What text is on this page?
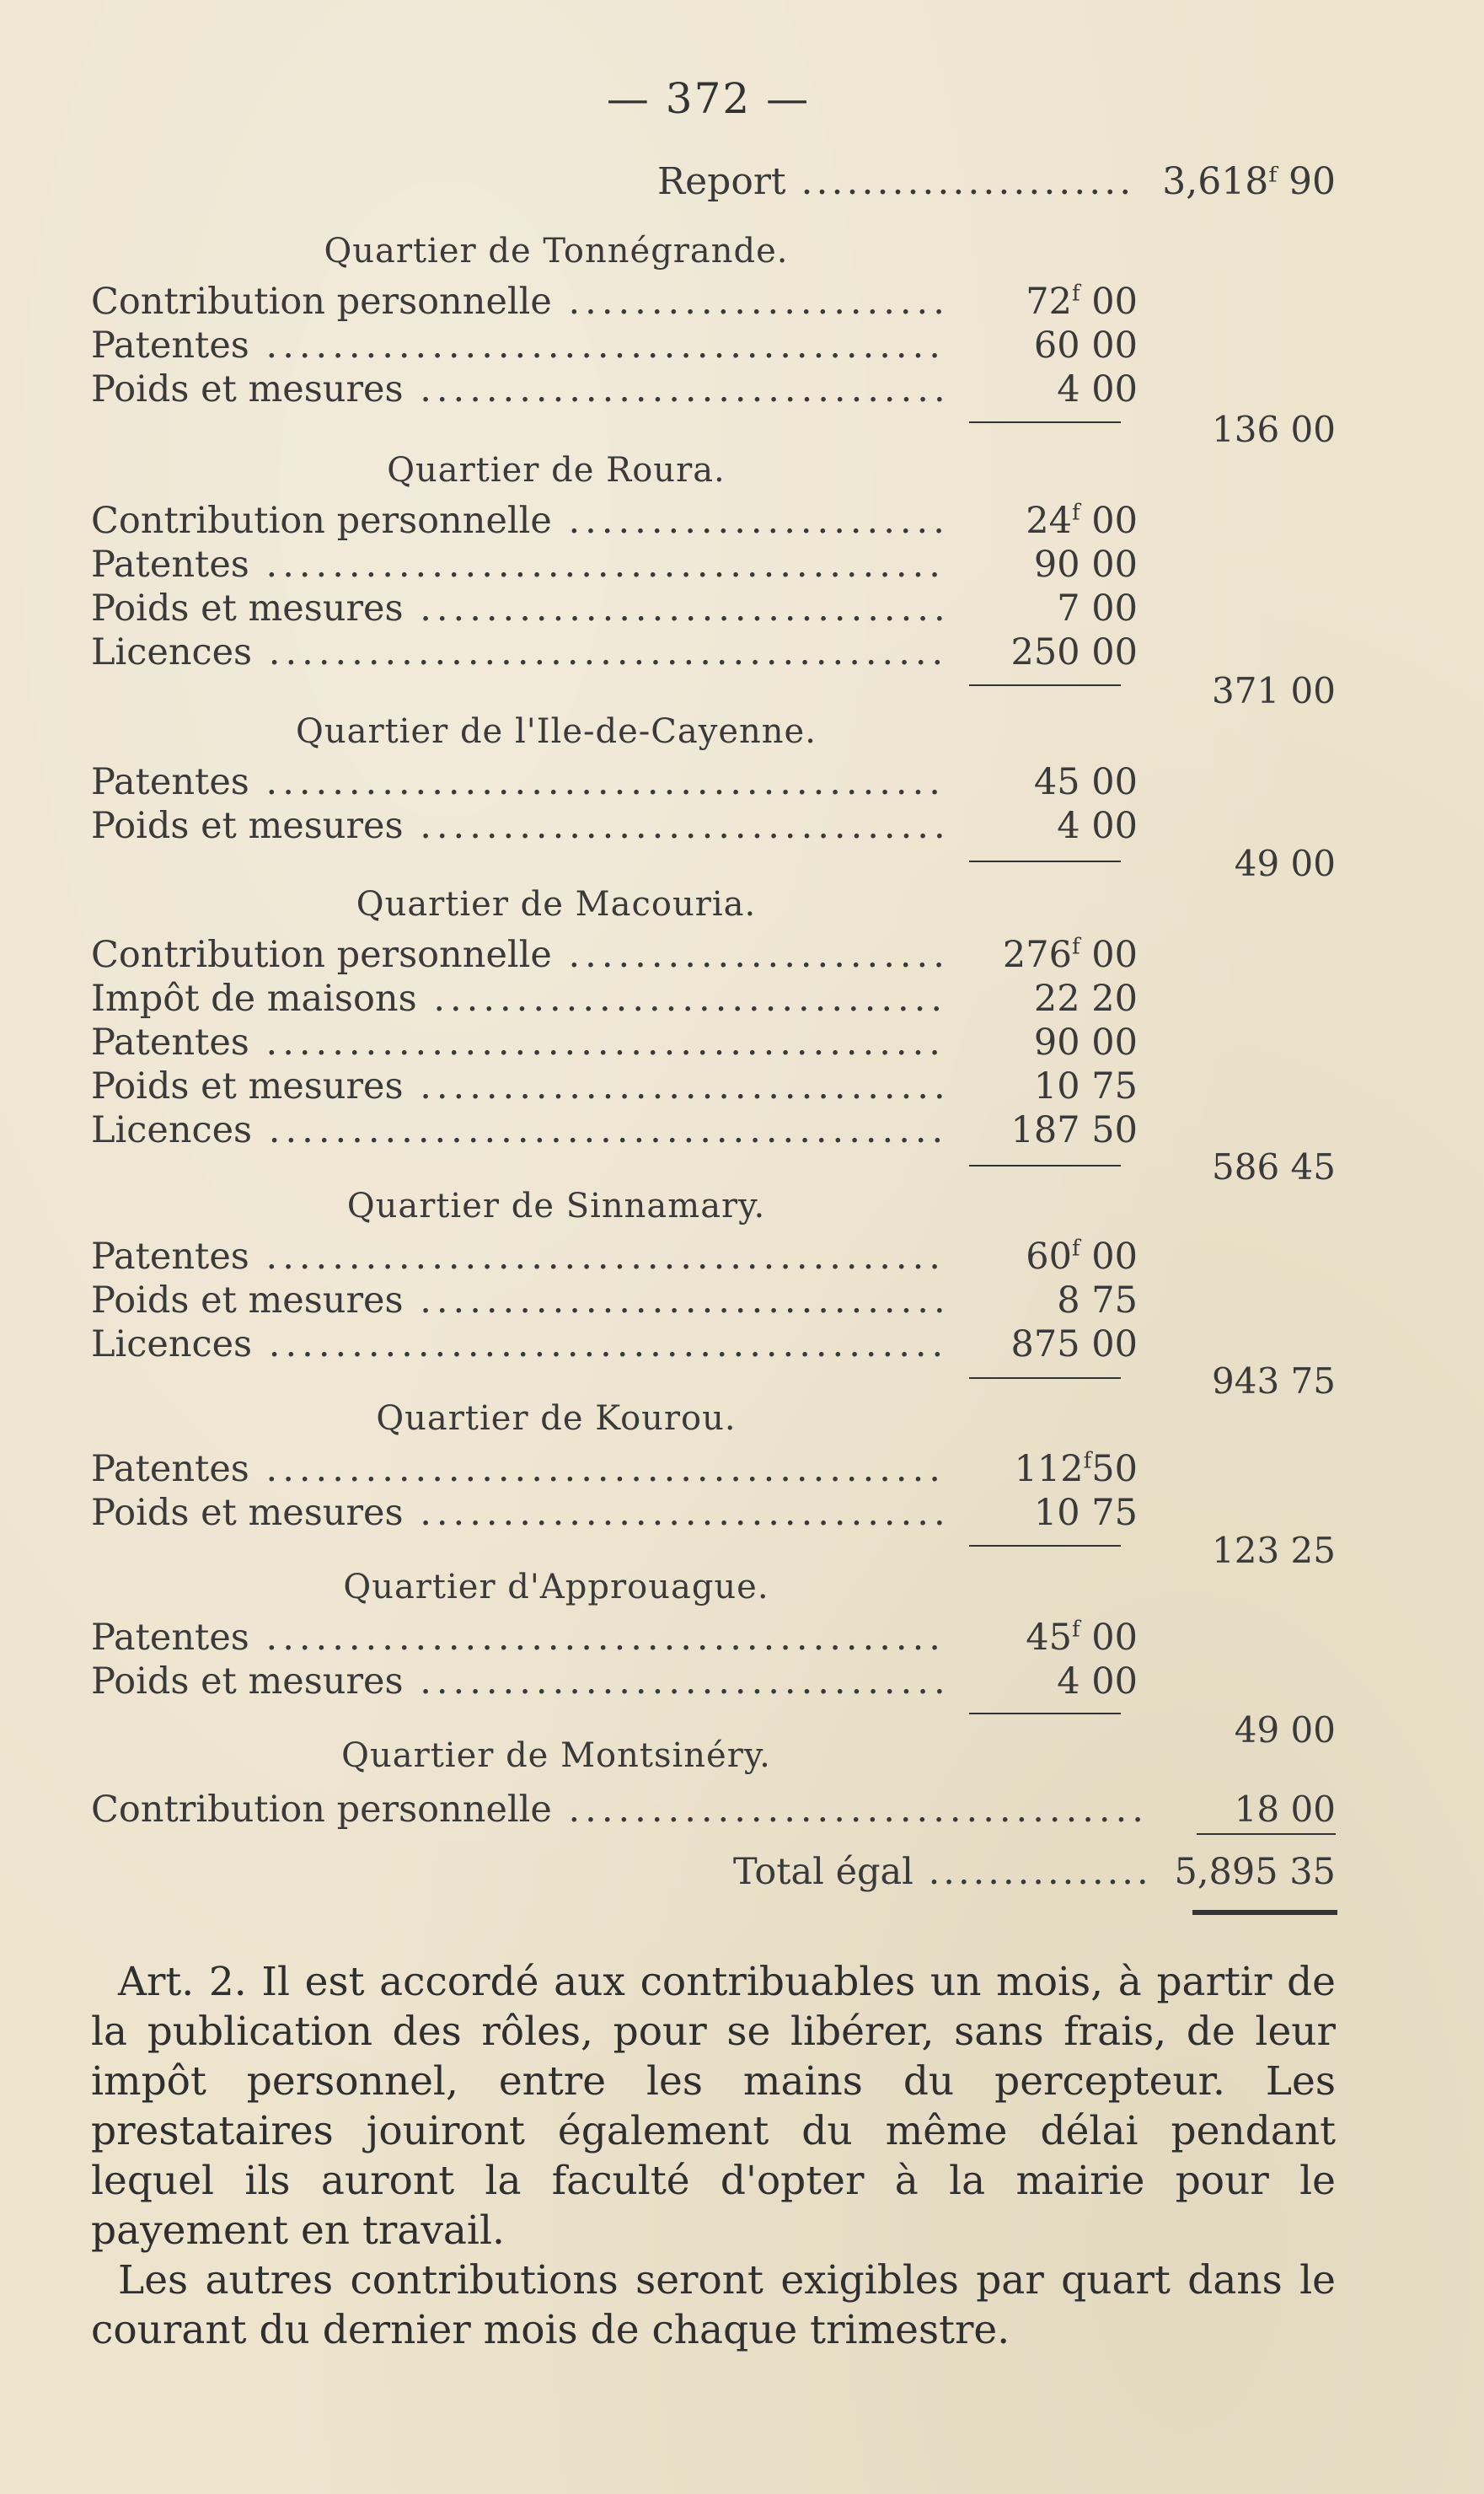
— 372 —
Report .....	3,618ᶠ 90
Quartier de Tonnégrande.
Contribution personnelle .....	72$^f$ 00
Patentes .....	60 00
Poids et mesures .....	4 00
136 00
Quartier de Roura.
Contribution personnelle .....	24$^f$ 00
Patentes .....	90 00
Poids et mesures .....	7 00
Licences .....	250 00
371 00
Quartier de l'Ile-de-Cayenne.
Patentes .....	45 00
Poids et mesures .....	4 00
49 00
Quartier de Macouria.
Contribution personnelle .....	276$^f$ 00
Impôt de maisons .....	22 20
Patentes .....	90 00
Poids et mesures .....	10 75
Licences .....	187 50
586 45
Quartier de Sinnamary.
Patentes .....	60$^f$ 00
Poids et mesures .....	8 75
Licences .....	875 00
943 75
Quartier de Kourou.
Patentes .....	112$^f$50
Poids et mesures .....	10 75
123 25
Quartier d'Approuague.
Patentes .....	45$^f$ 00
Poids et mesures .....	4 00
49 00
Quartier de Montsinéry.
Contribution personnelle .....	18 00
Total égal .....	5,895 35

Art. 2. Il est accordé aux contribuables un mois, à partir de la publication des rôles, pour se libérer, sans frais, de leur impôt personnel, entre les mains du percepteur. Les prestataires jouiront également du même délai pendant lequel ils auront la faculté d'opter à la mairie pour le payement en travail.

Les autres contributions seront exigibles par quart dans le courant du dernier mois de chaque trimestre.
